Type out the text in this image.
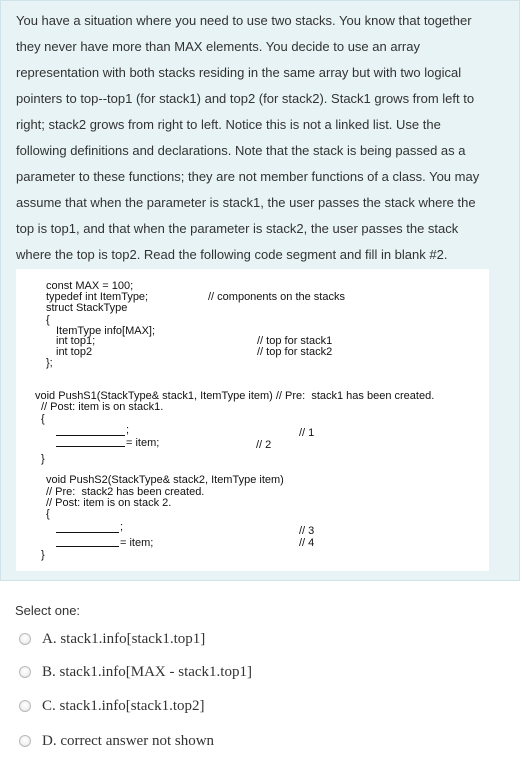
You have a situation where you need to use two stacks. You know that together
they never have more than MAX elements. You decide to use an array
representation with both stacks residing in the same array but with two logical
pointers to top--top1 (for stack1) and top2 (for stack2). Stack1 grows from left to
right; stack2 grows from right to left. Notice this is not a linked list. Use the
following definitions and declarations. Note that the stack is being passed as a
parameter to these functions; they are not member functions of a class. You may
assume that when the parameter is stack1, the user passes the stack where the
top is top1, and that when the parameter is stack2, the user passes the stack
where the top is top2. Read the following code segment and fill in blank #2.
const MAX = 100;
typedef int ItemType;	// components on the stacks
struct StackType
{
ItemType info[MAX];
int top1;	// top for stack1
int top2	// top for stack2
};
void PushS1(StackType& stack1, ItemType item) // Pre:  stack1 has been created.
// Post: item is on stack1.
{
;	// 1
= item;	// 2
}
void PushS2(StackType& stack2, ItemType item)
// Pre:  stack2 has been created.
// Post: item is on stack 2.
{
;	// 3
= item;	// 4
}
Select one:
A. stack1.info[stack1.top1]
B. stack1.info[MAX - stack1.top1]
C. stack1.info[stack1.top2]
D. correct answer not shown
